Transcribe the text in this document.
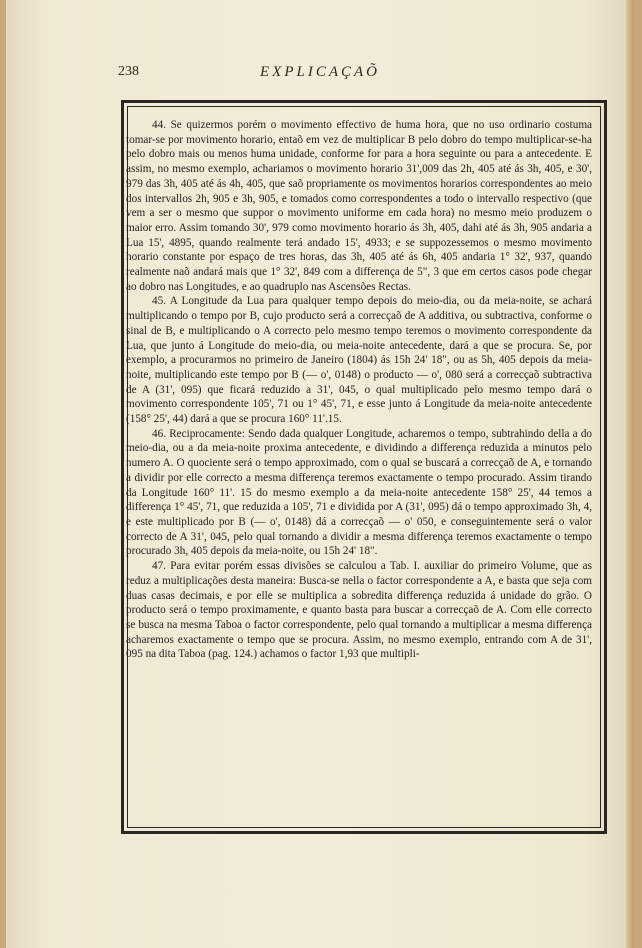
238	EXPLICAÇAÕ

44. Se quizermos porém o movimento effectivo de huma hora, que no uso ordinario costuma tomar-se por movimento horario, entaõ em vez de multiplicar B pelo dobro do tempo multiplicar-se-ha pelo dobro mais ou menos huma unidade, conforme for para a hora seguinte ou para a antecedente. E assim, no mesmo exemplo, achariamos o movimento horario 31',009 das 2h, 405 até ás 3h, 405, e 30', 979 das 3h, 405 até ás 4h, 405, que saõ propriamente os movimentos horarios correspondentes ao meio dos intervallos 2h, 905 e 3h, 905, e tomados como correspondentes a todo o intervallo respectivo (que vem a ser o mesmo que suppor o movimento uniforme em cada hora) no mesmo meio produzem o maior erro. Assim tomando 30', 979 como movimento horario ás 3h, 405, dahi até ás 3h, 905 andaria a Lua 15', 4895, quando realmente terá andado 15', 4933; e se suppozessemos o mesmo movimento horario constante por espaço de tres horas, das 3h, 405 até ás 6h, 405 andaria 1° 32', 937, quando realmente naõ andará mais que 1° 32', 849 com a differença de 5", 3 que em certos casos pode chegar ao dobro nas Longitudes, e ao quadruplo nas Ascensões Rectas.

45. A Longitude da Lua para qualquer tempo depois do meio-dia, ou da meia-noite, se achará multiplicando o tempo por B, cujo producto será a correcçaõ de A additiva, ou subtractiva, conforme o sinal de B, e multiplicando o A correcto pelo mesmo tempo teremos o movimento correspondente da Lua, que junto á Longitude do meio-dia, ou meia-noite antecedente, dará a que se procura. Se, por exemplo, a procurarmos no primeiro de Janeiro (1804) ás 15h 24' 18", ou as 5h, 405 depois da meia-noite, multiplicando este tempo por B (— o', 0148) o producto — o', 080 será a correcçaõ subtractiva de A (31', 095) que ficará reduzido a 31', 045, o qual multiplicado pelo mesmo tempo dará o movimento correspondente 105', 71 ou 1° 45', 71, e esse junto á Longitude da meia-noite antecedente (158° 25', 44) dará a que se procura 160° 11'.15.

46. Reciprocamente: Sendo dada qualquer Longitude, acharemos o tempo, subtrahindo della a do meio-dia, ou a da meia-noite proxima antecedente, e dividindo a differença reduzida a minutos pelo numero A. O quociente será o tempo approximado, com o qual se buscará a correcçaõ de A, e tornando a dividir por elle correcto a mesma differença teremos exactamente o tempo procurado. Assim tirando da Longitude 160° 11'. 15 do mesmo exemplo a da meia-noite antecedente 158° 25', 44 temos a differença 1° 45', 71, que reduzida a 105', 71 e dividida por A (31', 095) dá o tempo approximado 3h, 4, e este multiplicado por B (— o', 0148) dá a correcçaõ — o' 050, e conseguintemente será o valor correcto de A 31', 045, pelo qual tornando a dividir a mesma differença teremos exactamente o tempo procurado 3h, 405 depois da meia-noite, ou 15h 24' 18".

47. Para evitar porém essas divisões se calculou a Tab. I. auxiliar do primeiro Volume, que as reduz a multiplicações desta maneira: Busca-se nella o factor correspondente a A, e basta que seja com duas casas decimais, e por elle se multiplica a sobredita differença reduzida á unidade do grão. O producto será o tempo proximamente, e quanto basta para buscar a correcçaõ de A. Com elle correcto se busca na mesma Taboa o factor correspondente, pelo qual tornando a multiplicar a mesma differença acharemos exactamente o tempo que se procura. Assim, no mesmo exemplo, entrando com A de 31', 095 na dita Taboa (pag. 124.) achamos o factor 1,93 que multipli-
